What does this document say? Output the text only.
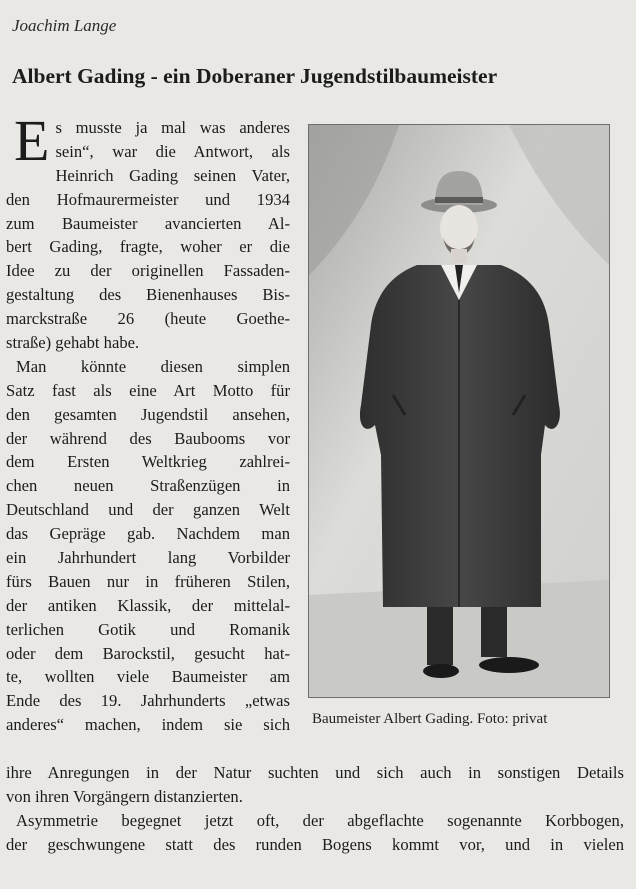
Joachim Lange
Albert Gading - ein Doberaner Jugendstilbaumeister
E s musste ja mal was anderes
sein“, war die Antwort, als
Heinrich Gading seinen Vater,
den Hofmaurermeister und 1934
zum Baumeister avancierten Al-
bert Gading, fragte, woher er die
Idee zu der originellen Fassaden-
gestaltung des Bienenhauses Bis-
marckstraße 26 (heute Goethe-
straße) gehabt habe.
Man könnte diesen simplen
Satz fast als eine Art Motto für
den gesamten Jugendstil ansehen,
der während des Baubooms vor
dem Ersten Weltkrieg zahlrei-
chen neuen Straßenzügen in
Deutschland und der ganzen Welt
das Gepräge gab. Nachdem man
ein Jahrhundert lang Vorbilder
fürs Bauen nur in früheren Stilen,
der antiken Klassik, der mittelal-
terlichen Gotik und Romanik
oder dem Barockstil, gesucht hat-
te, wollten viele Baumeister am
Ende des 19. Jahrhunderts „etwas
anderes“ machen, indem sie sich Baumeister Albert Gading. Foto: privat
ihre Anregungen in der Natur suchten und sich auch in sonstigen Details
von ihren Vorgängern distanzierten.
Asymmetrie begegnet jetzt oft, der abgeflachte sogenannte Korbbogen,
der geschwungene statt des runden Bogens kommt vor, und in vielen
